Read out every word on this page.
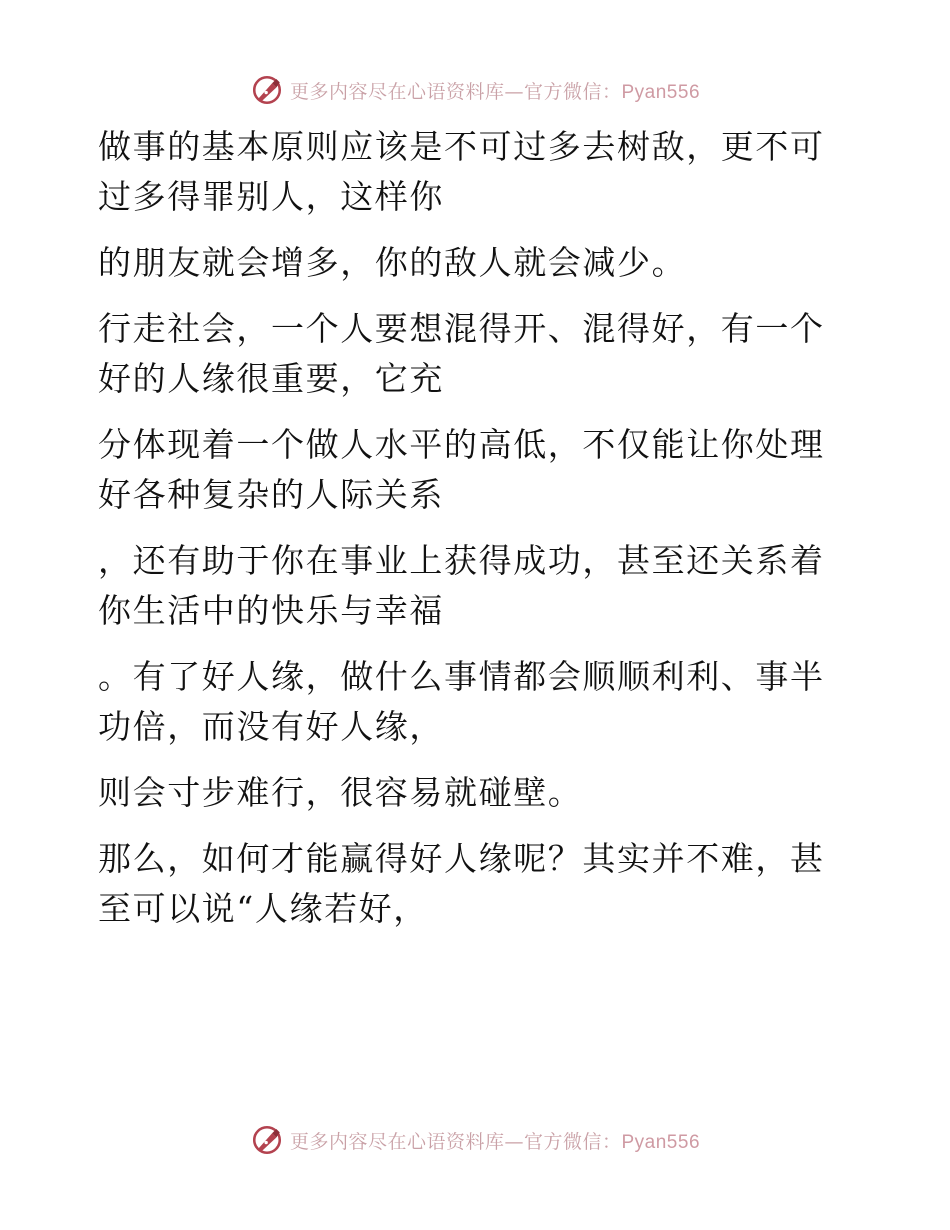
更多内容尽在心语资料库—官方微信：Pyan556
做事的基本原则应该是不可过多去树敌，更不可
过多得罪别人，这样你
的朋友就会增多，你的敌人就会减少。
行走社会，一个人要想混得开、混得好，有一个
好的人缘很重要，它充
分体现着一个做人水平的高低，不仅能让你处理
好各种复杂的人际关系
，还有助于你在事业上获得成功，甚至还关系着
你生活中的快乐与幸福
。有了好人缘，做什么事情都会顺顺利利、事半
功倍，而没有好人缘，
则会寸步难行，很容易就碰壁。
那么，如何才能赢得好人缘呢？其实并不难，甚
至可以说“人缘若好，
更多内容尽在心语资料库—官方微信：Pyan556
